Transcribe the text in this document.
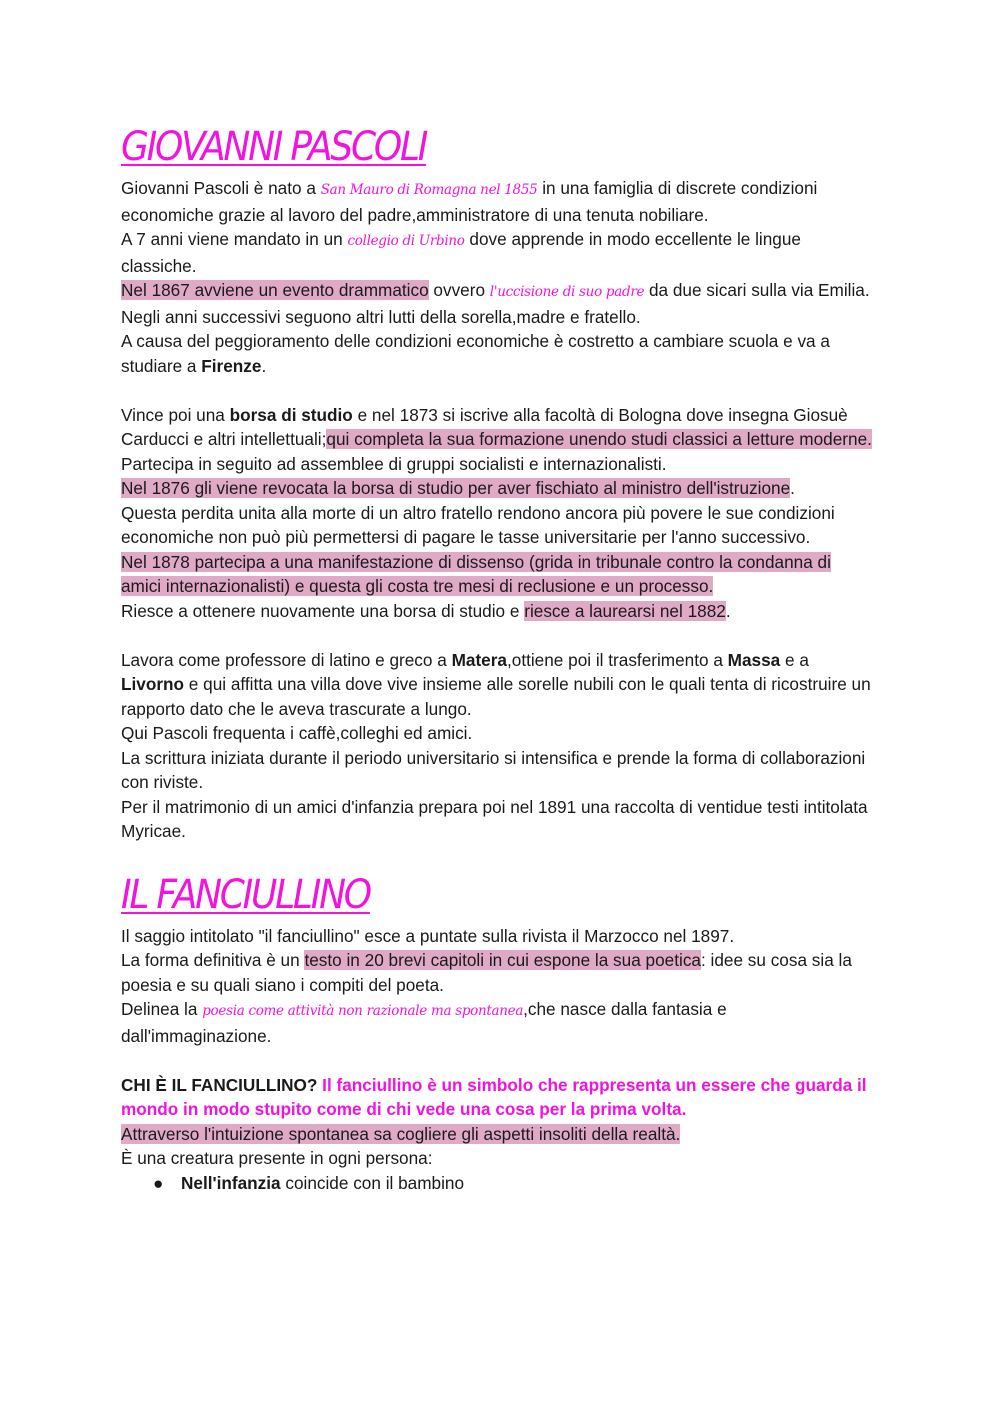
GIOVANNI PASCOLI

Giovanni Pascoli è nato a San Mauro di Romagna nel 1855 in una famiglia di discrete condizioni economiche grazie al lavoro del padre,amministratore di una tenuta nobiliare.

A 7 anni viene mandato in un collegio di Urbino dove apprende in modo eccellente le lingue classiche.

Nel 1867 avviene un evento drammatico ovvero l'uccisione di suo padre da due sicari sulla via Emilia.

Negli anni successivi seguono altri lutti della sorella,madre e fratello.

A causa del peggioramento delle condizioni economiche è costretto a cambiare scuola e va a studiare a Firenze.

Vince poi una borsa di studio e nel 1873 si iscrive alla facoltà di Bologna dove insegna Giosuè Carducci e altri intellettuali;qui completa la sua formazione unendo studi classici a letture moderne.

Partecipa in seguito ad assemblee di gruppi socialisti e internazionalisti.

Nel 1876 gli viene revocata la borsa di studio per aver fischiato al ministro dell'istruzione.

Questa perdita unita alla morte di un altro fratello rendono ancora più povere le sue condizioni economiche non può più permettersi di pagare le tasse universitarie per l'anno successivo.

Nel 1878 partecipa a una manifestazione di dissenso (grida in tribunale contro la condanna di amici internazionalisti) e questa gli costa tre mesi di reclusione e un processo.

Riesce a ottenere nuovamente una borsa di studio e riesce a laurearsi nel 1882.

Lavora come professore di latino e greco a Matera,ottiene poi il trasferimento a Massa e a Livorno e qui affitta una villa dove vive insieme alle sorelle nubili con le quali tenta di ricostruire un rapporto dato che le aveva trascurate a lungo.

Qui Pascoli frequenta i caffè,colleghi ed amici.

La scrittura iniziata durante il periodo universitario si intensifica e prende la forma di collaborazioni con riviste.

Per il matrimonio di un amici d'infanzia prepara poi nel 1891 una raccolta di ventidue testi intitolata Myricae.

IL FANCIULLINO

Il saggio intitolato "il fanciullino" esce a puntate sulla rivista il Marzocco nel 1897.

La forma definitiva è un testo in 20 brevi capitoli in cui espone la sua poetica: idee su cosa sia la poesia e su quali siano i compiti del poeta.

Delinea la poesia come attività non razionale ma spontanea,che nasce dalla fantasia e dall'immaginazione.

CHI È IL FANCIULLINO? Il fanciullino è un simbolo che rappresenta un essere che guarda il mondo in modo stupito come di chi vede una cosa per la prima volta.

Attraverso l'intuizione spontanea sa cogliere gli aspetti insoliti della realtà.

È una creatura presente in ogni persona:

● Nell'infanzia coincide con il bambino
